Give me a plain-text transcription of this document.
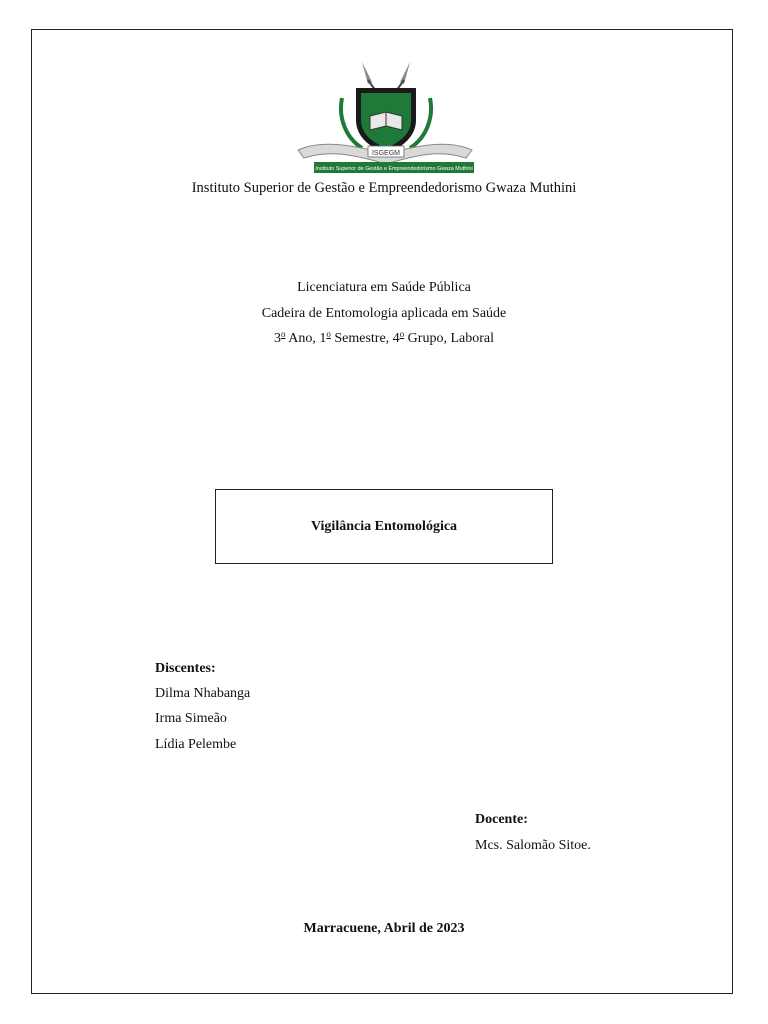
ISGEGM
Instituto Superior de Gestão e Empreendedorismo Gwaza Muthini
Instituto Superior de Gestão e Empreendedorismo Gwaza Muthini
Licenciatura em Saúde Pública
Cadeira de Entomologia aplicada em Saúde
3$^o$ Ano, 1$^o$ Semestre, 4$^o$ Grupo, Laboral
Vigilância Entomológica
Discentes:
Dilma Nhabanga
Irma Simeão
Lídia Pelembe
Docente:
Mcs. Salomão Sitoe.
Marracuene, Abril de 2023
